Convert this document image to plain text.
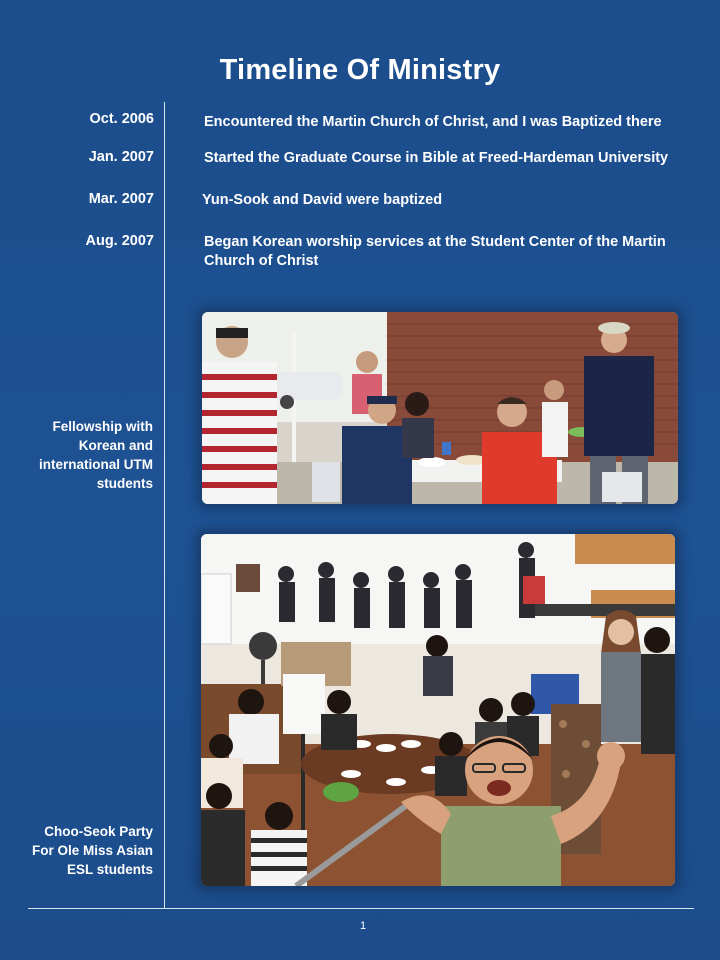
Timeline Of Ministry
Oct. 2006	Encountered the Martin Church of Christ, and I was Baptized there
Jan. 2007	Started the Graduate Course in Bible at Freed-Hardeman University
Mar. 2007	Yun-Sook and David were baptized
Aug. 2007	Began Korean worship services at the Student Center of the Martin Church of Christ
Fellowship with Korean and international UTM students
Choo-Seok Party For Ole Miss Asian ESL students
1
